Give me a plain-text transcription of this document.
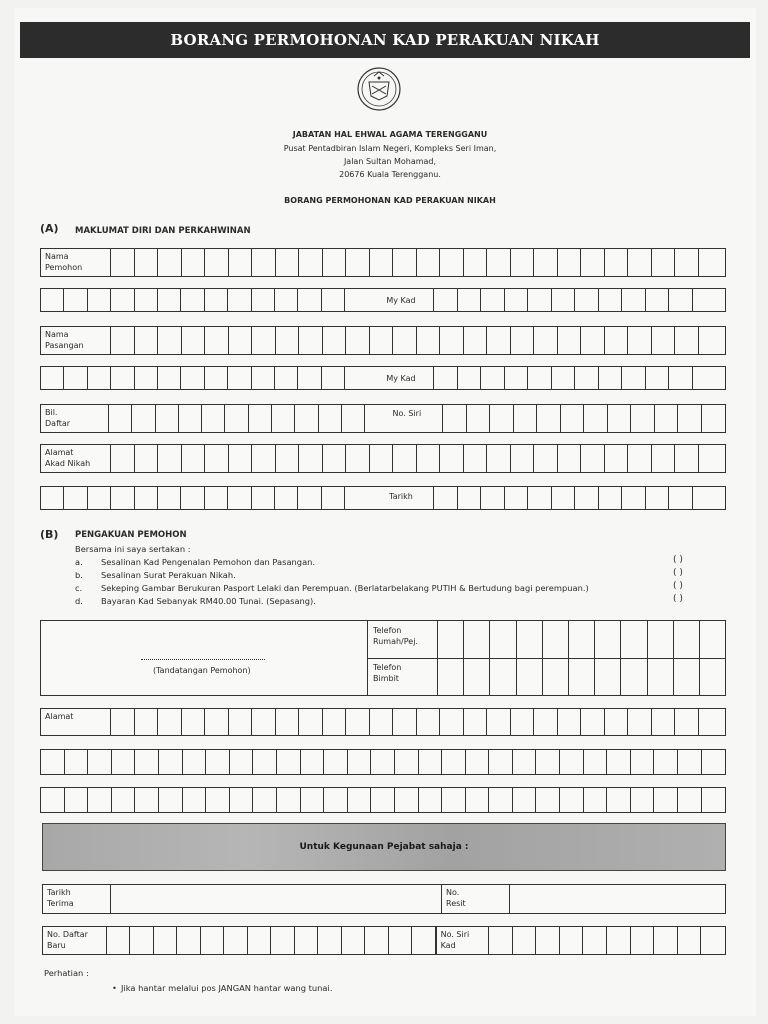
BORANG PERMOHONAN KAD PERAKUAN NIKAH
JABATAN HAL EHWAL AGAMA TERENGGANU
Pusat Pentadbiran Islam Negeri, Kompleks Seri Iman,
Jalan Sultan Mohamad,
20676 Kuala Terengganu.
BORANG PERMOHONAN KAD PERAKUAN NIKAH
(A) MAKLUMAT DIRI DAN PERKAHWINAN
Nama
Pemohon
My Kad
Nama
Pasangan
My Kad
Bil.
Daftar
No. Siri
Alamat
Akad Nikah
Tarikh
(B) PENGAKUAN PEMOHON
Bersama ini saya sertakan :
a. Sesalinan Kad Pengenalan Pemohon dan Pasangan.
b. Sesalinan Surat Perakuan Nikah.
c. Sekeping Gambar Berukuran Pasport Lelaki dan Perempuan. (Berlatarbelakang PUTIH & Bertudung bagi perempuan.)
d. Bayaran Kad Sebanyak RM40.00 Tunai. (Sepasang).
( )
( )
( )
( )
(Tandatangan Pemohon)
Telefon
Rumah/Pej.
Telefon
Bimbit
Alamat
Untuk Kegunaan Pejabat sahaja :
Tarikh
Terima
No.
Resit
No. Daftar
Baru
No. Siri
Kad
Perhatian :
• Jika hantar melalui pos JANGAN hantar wang tunai.
